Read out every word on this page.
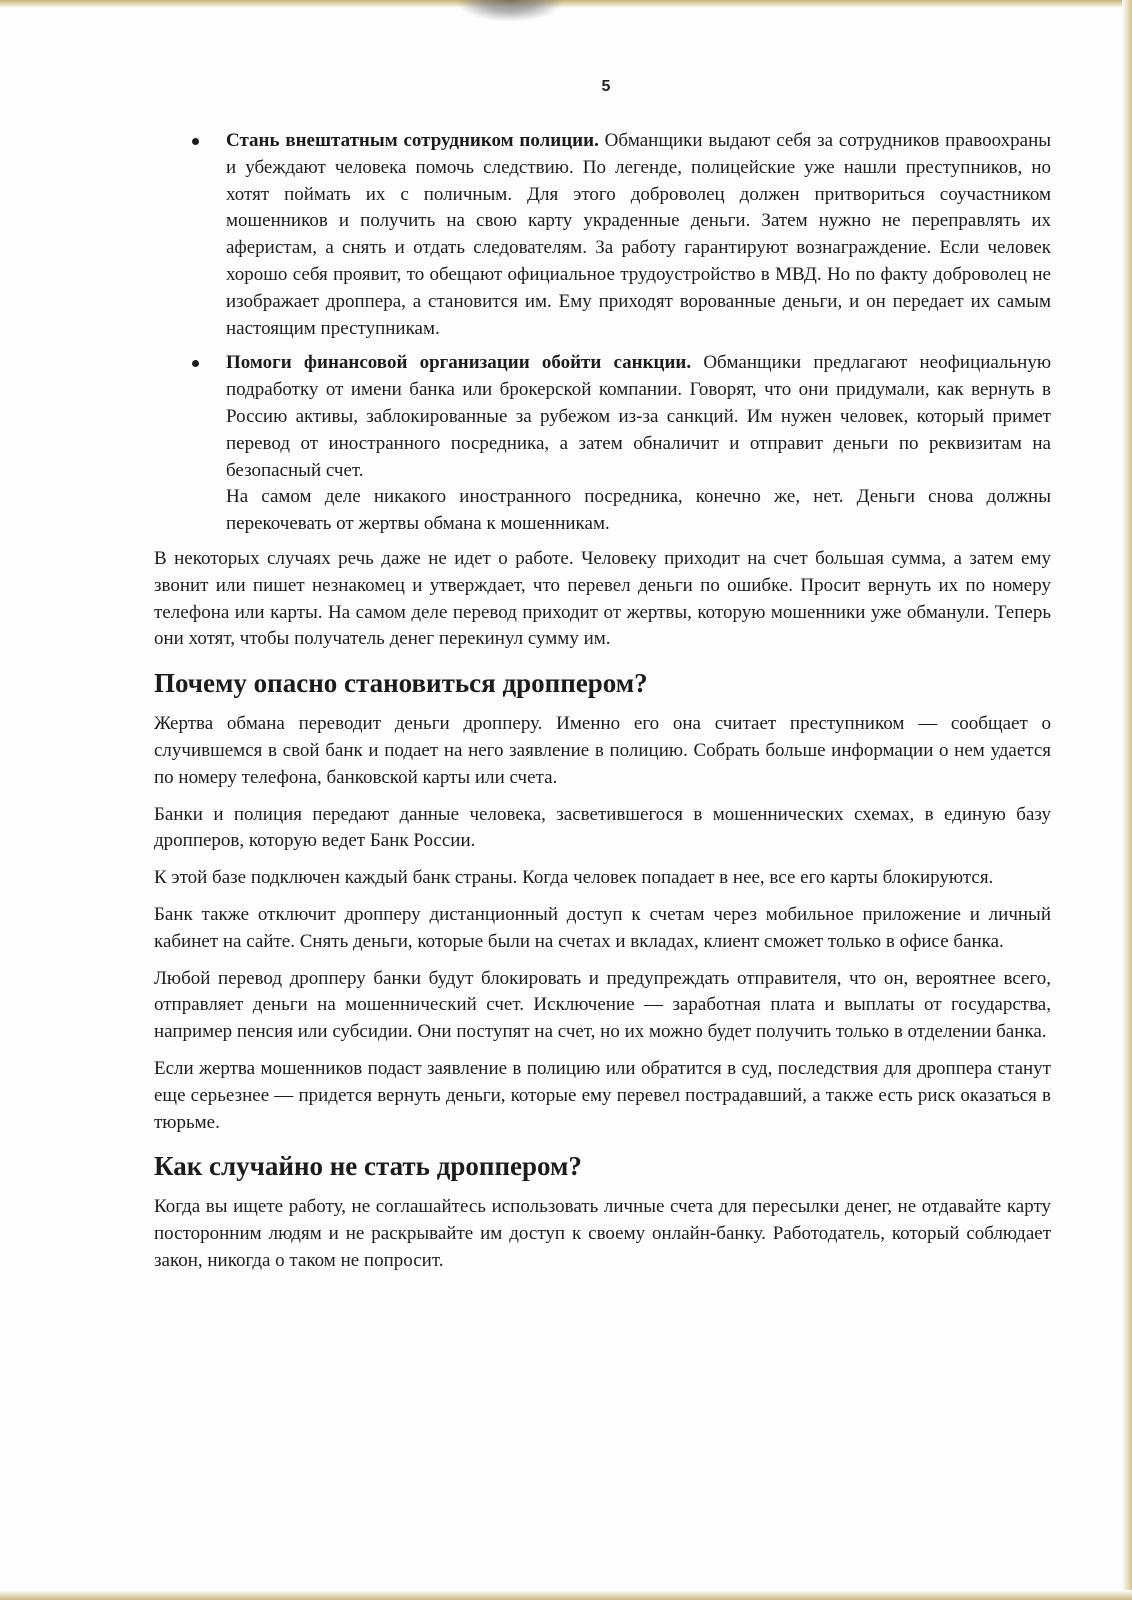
5

Стань внештатным сотрудником полиции. Обманщики выдают себя за сотрудников правоохраны и убеждают человека помочь следствию. По легенде, полицейские уже нашли преступников, но хотят поймать их с поличным. Для этого доброволец должен притвориться соучастником мошенников и получить на свою карту украденные деньги. Затем нужно не переправлять их аферистам, а снять и отдать следователям. За работу гарантируют вознаграждение. Если человек хорошо себя проявит, то обещают официальное трудоустройство в МВД. Но по факту доброволец не изображает дроппера, а становится им. Ему приходят ворованные деньги, и он передает их самым настоящим преступникам.

Помоги финансовой организации обойти санкции. Обманщики предлагают неофициальную подработку от имени банка или брокерской компании. Говорят, что они придумали, как вернуть в Россию активы, заблокированные за рубежом из-за санкций. Им нужен человек, который примет перевод от иностранного посредника, а затем обналичит и отправит деньги по реквизитам на безопасный счет.

На самом деле никакого иностранного посредника, конечно же, нет. Деньги снова должны перекочевать от жертвы обмана к мошенникам.

В некоторых случаях речь даже не идет о работе. Человеку приходит на счет большая сумма, а затем ему звонит или пишет незнакомец и утверждает, что перевел деньги по ошибке. Просит вернуть их по номеру телефона или карты. На самом деле перевод приходит от жертвы, которую мошенники уже обманули. Теперь они хотят, чтобы получатель денег перекинул сумму им.

Почему опасно становиться дроппером?

Жертва обмана переводит деньги дропперу. Именно его она считает преступником — сообщает о случившемся в свой банк и подает на него заявление в полицию. Собрать больше информации о нем удается по номеру телефона, банковской карты или счета.

Банки и полиция передают данные человека, засветившегося в мошеннических схемах, в единую базу дропперов, которую ведет Банк России.

К этой базе подключен каждый банк страны. Когда человек попадает в нее, все его карты блокируются.

Банк также отключит дропперу дистанционный доступ к счетам через мобильное приложение и личный кабинет на сайте. Снять деньги, которые были на счетах и вкладах, клиент сможет только в офисе банка.

Любой перевод дропперу банки будут блокировать и предупреждать отправителя, что он, вероятнее всего, отправляет деньги на мошеннический счет. Исключение — заработная плата и выплаты от государства, например пенсия или субсидии. Они поступят на счет, но их можно будет получить только в отделении банка.

Если жертва мошенников подаст заявление в полицию или обратится в суд, последствия для дроппера станут еще серьезнее — придется вернуть деньги, которые ему перевел пострадавший, а также есть риск оказаться в тюрьме.

Как случайно не стать дроппером?

Когда вы ищете работу, не соглашайтесь использовать личные счета для пересылки денег, не отдавайте карту посторонним людям и не раскрывайте им доступ к своему онлайн-банку. Работодатель, который соблюдает закон, никогда о таком не попросит.
